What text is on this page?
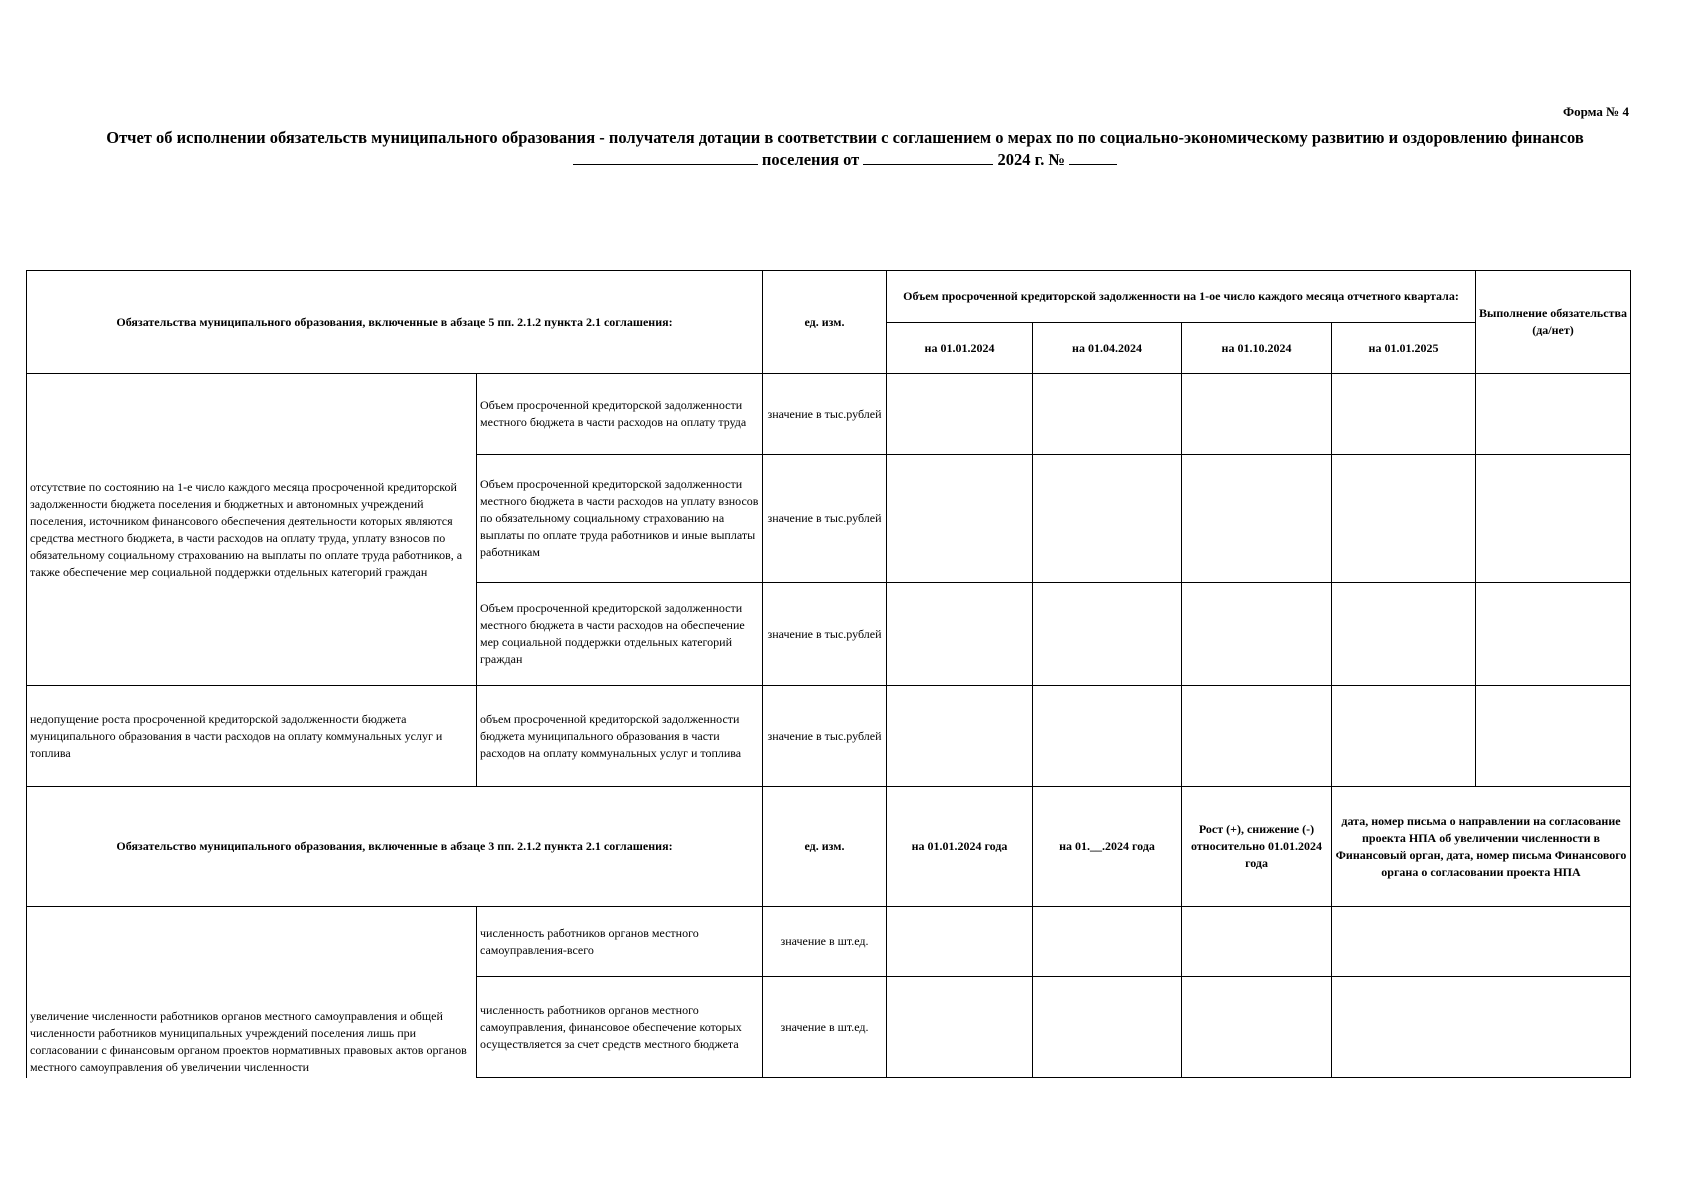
Форма № 4
Отчет об исполнении обязательств муниципального образования - получателя дотации в соответствии с соглашением о мерах по по социально-экономическому развитию и оздоровлению финансов
поселения от	2024 г. №
Обязательства муниципального образования, включенные в абзаце 5 пп. 2.1.2 пункта 2.1 соглашения:		ед. изм.	Объем просроченной кредиторской задолженности на 1-ое число каждого месяца отчетного квартала:				Выполнение обязательства (да/нет)
			на 01.01.2024	на 01.04.2024	на 01.10.2024	на 01.01.2025	
отсутствие по состоянию на 1-е число каждого месяца просроченной кредиторской задолженности бюджета поселения и бюджетных и автономных учреждений поселения, источником финансового обеспечения деятельности которых являются средства местного бюджета, в части расходов на оплату труда, уплату взносов по обязательному социальному страхованию на выплаты по оплате труда работников, а также обеспечение мер социальной поддержки отдельных категорий граждан	Объем просроченной кредиторской задолженности местного бюджета в части расходов на оплату труда	значение в тыс.рублей					
	Объем просроченной кредиторской задолженности местного бюджета в части расходов на уплату взносов по обязательному социальному страхованию на выплаты по оплате труда работников и иные выплаты работникам	значение в тыс.рублей					
	Объем просроченной кредиторской задолженности местного бюджета в части расходов на обеспечение мер социальной поддержки отдельных категорий граждан	значение в тыс.рублей					
недопущение роста просроченной кредиторской задолженности бюджета муниципального образования в части расходов на оплату коммунальных услуг и топлива	объем просроченной кредиторской задолженности бюджета муниципального образования в части расходов на оплату коммунальных услуг и топлива	значение в тыс.рублей					
Обязательство муниципального образования, включенные в абзаце 3 пп. 2.1.2 пункта 2.1 соглашения:		ед. изм.	на 01.01.2024 года	на 01.__.2024 года	Рост (+), снижение (-) относительно 01.01.2024 года	дата, номер письма о направлении на согласование проекта НПА об увеличении численности в Финансовый орган, дата, номер письма Финансового органа о согласовании проекта НПА	
увеличение численности работников органов местного самоуправления и общей численности работников муниципальных учреждений поселения лишь при согласовании с финансовым органом проектов нормативных правовых актов органов местного самоуправления об увеличении численности	численность работников органов местного самоуправления-всего	значение в шт.ед.					
	численность работников органов местного самоуправления, финансовое обеспечение которых осуществляется за счет средств местного бюджета	значение в шт.ед.					
